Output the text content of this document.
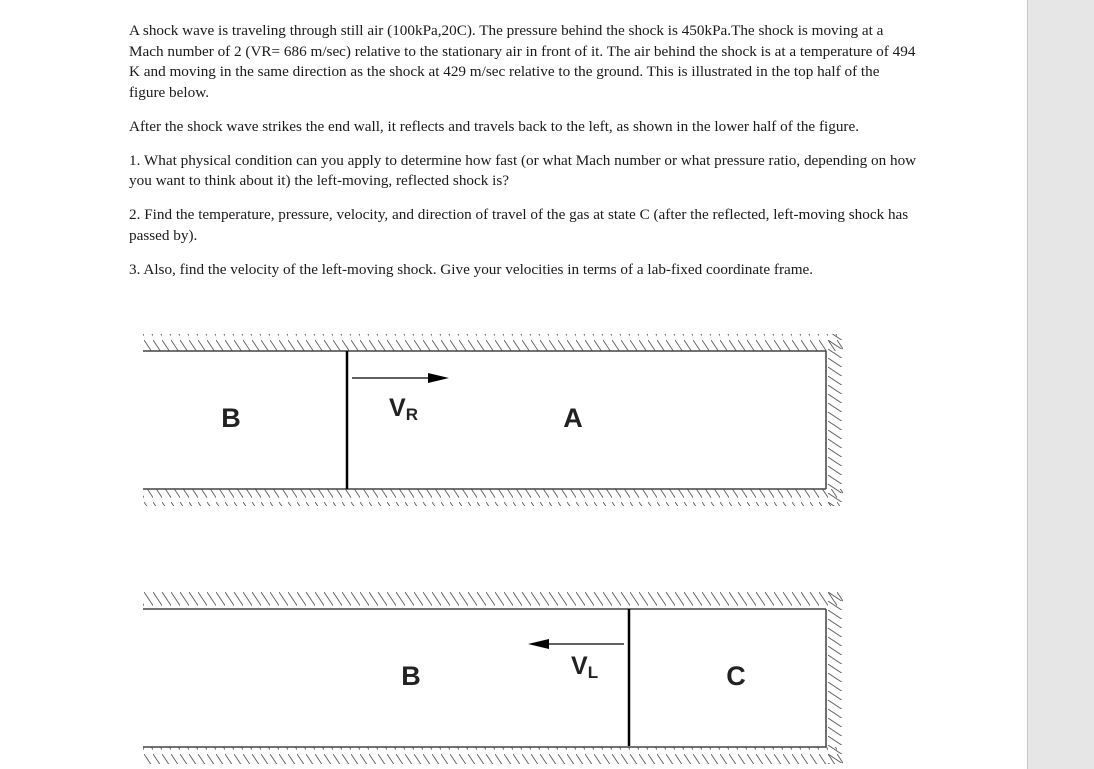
A shock wave is traveling through still air (100kPa,20C). The pressure behind the shock is 450kPa.The shock is moving at a Mach number of 2 (VR= 686 m/sec) relative to the stationary air in front of it. The air behind the shock is at a temperature of 494 K and moving in the same direction as the shock at 429 m/sec relative to the ground. This is illustrated in the top half of the figure below.

After the shock wave strikes the end wall, it reflects and travels back to the left, as shown in the lower half of the figure.

1. What physical condition can you apply to determine how fast (or what Mach number or what pressure ratio, depending on how you want to think about it) the left-moving, reflected shock is?

2. Find the temperature, pressure, velocity, and direction of travel of the gas at state C (after the reflected, left-moving shock has passed by).

3. Also, find the velocity of the left-moving shock. Give your velocities in terms of a lab-fixed coordinate frame.

VR
B	A
VL
B	C
